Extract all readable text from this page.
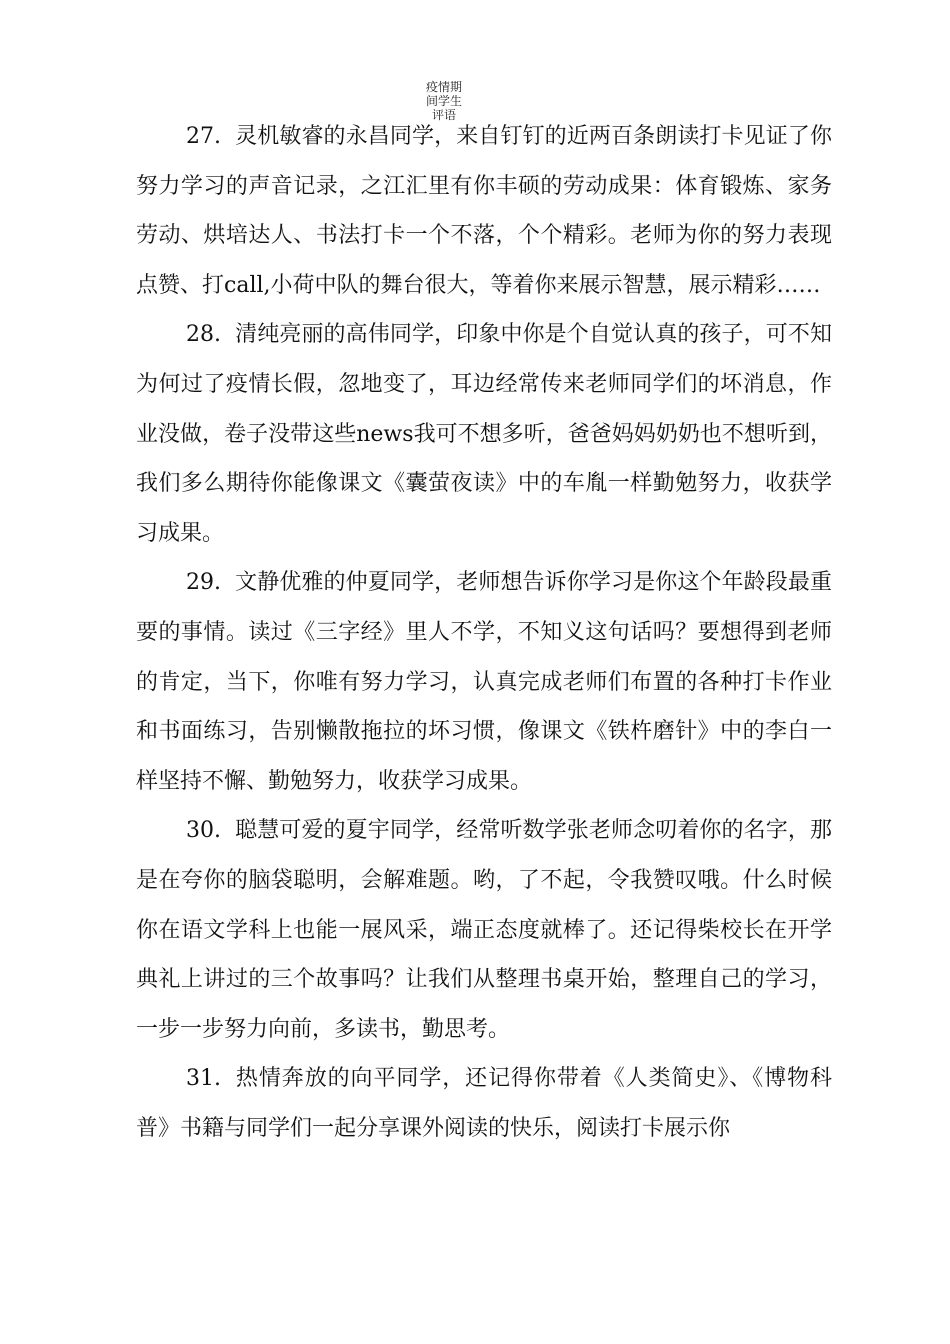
疫情期
间学生
评语

27. 灵机敏睿的永昌同学，来自钉钉的近两百条朗读打卡见证了你努力学习的声音记录，之江汇里有你丰硕的劳动成果：体育锻炼、家务劳动、烘培达人、书法打卡一个不落，个个精彩。老师为你的努力表现点赞、打call,小荷中队的舞台很大，等着你来展示智慧，展示精彩……

28. 清纯亮丽的高伟同学，印象中你是个自觉认真的孩子，可不知为何过了疫情长假，忽地变了，耳边经常传来老师同学们的坏消息，作业没做，卷子没带这些news我可不想多听，爸爸妈妈奶奶也不想听到，我们多么期待你能像课文《囊萤夜读》中的车胤一样勤勉努力，收获学习成果。

29. 文静优雅的仲夏同学，老师想告诉你学习是你这个年龄段最重要的事情。读过《三字经》里人不学，不知义这句话吗？要想得到老师的肯定，当下，你唯有努力学习，认真完成老师们布置的各种打卡作业和书面练习，告别懒散拖拉的坏习惯，像课文《铁杵磨针》中的李白一样坚持不懈、勤勉努力，收获学习成果。

30. 聪慧可爱的夏宇同学，经常听数学张老师念叨着你的名字，那是在夸你的脑袋聪明，会解难题。哟，了不起，令我赞叹哦。什么时候你在语文学科上也能一展风采，端正态度就棒了。还记得柴校长在开学典礼上讲过的三个故事吗？让我们从整理书桌开始，整理自己的学习，一步一步努力向前，多读书，勤思考。

31. 热情奔放的向平同学，还记得你带着《人类简史》、《博物科普》书籍与同学们一起分享课外阅读的快乐，阅读打卡展示你
